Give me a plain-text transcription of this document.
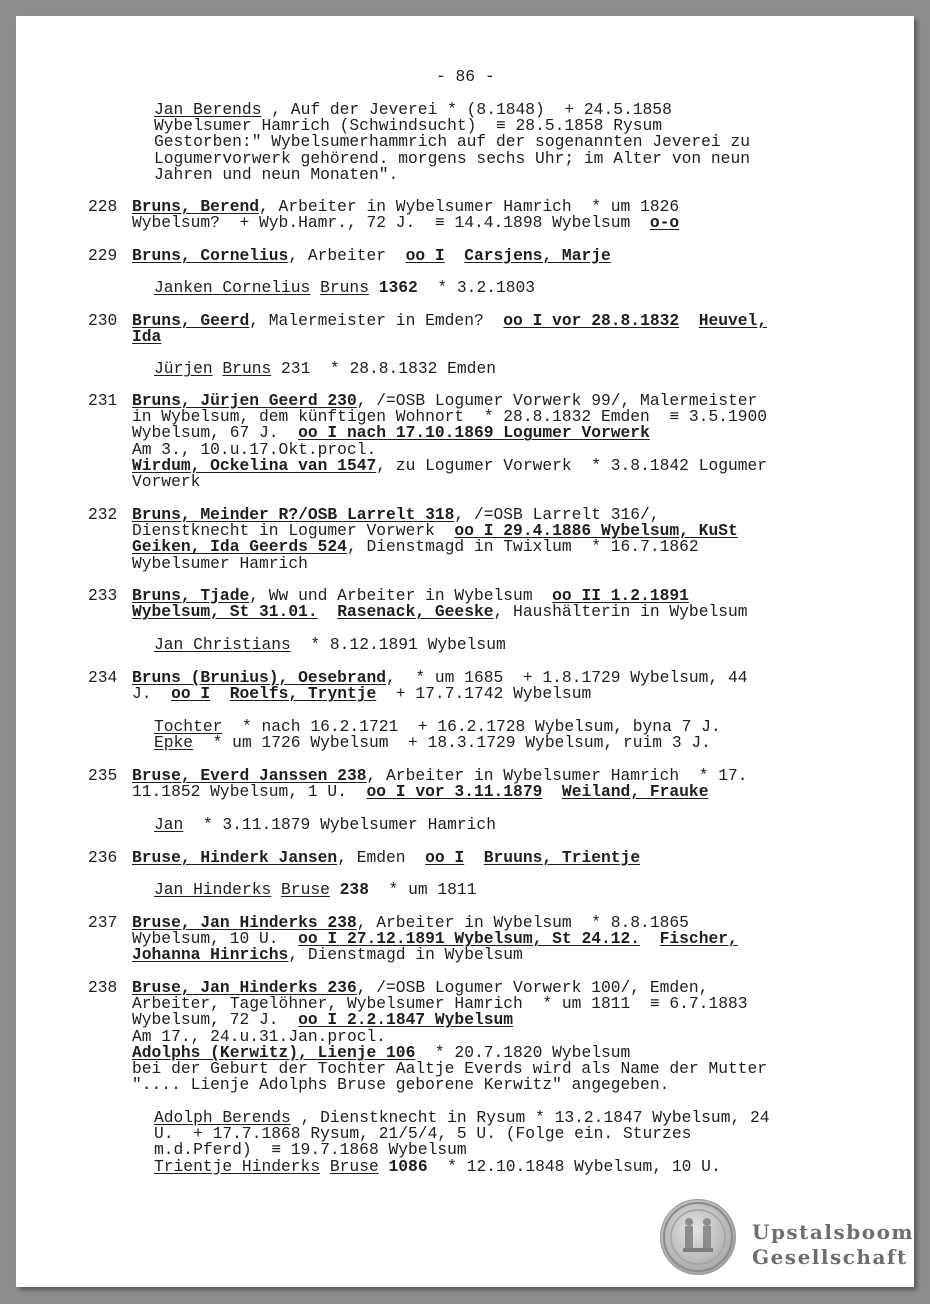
- 86 -
Jan Berends , Auf der Jeverei * (8.1848)  + 24.5.1858
Wybelsumer Hamrich (Schwindsucht)  ≡ 28.5.1858 Rysum
Gestorben:" Wybelsumerhammrich auf der sogenannten Jeverei zu
Logumervorwerk gehörend. morgens sechs Uhr; im Alter von neun
Jahren und neun Monaten".
228 Bruns, Berend, Arbeiter in Wybelsumer Hamrich  * um 1826
Wybelsum?  + Wyb.Hamr., 72 J.  ≡ 14.4.1898 Wybelsum  o-o
229 Bruns, Cornelius, Arbeiter  oo I Carsjens, Marje
Janken Cornelius Bruns 1362  * 3.2.1803
230 Bruns, Geerd, Malermeister in Emden?  oo I vor 28.8.1832 Heuvel,
Ida
Jürjen Bruns 231  * 28.8.1832 Emden
231 Bruns, Jürjen Geerd 230, /=OSB Logumer Vorwerk 99/, Malermeister
in Wybelsum, dem künftigen Wohnort  * 28.8.1832 Emden  ≡ 3.5.1900
Wybelsum, 67 J.  oo I nach 17.10.1869 Logumer Vorwerk
Am 3., 10.u.17.Okt.procl.
Wirdum, Ockelina van 1547, zu Logumer Vorwerk  * 3.8.1842 Logumer
Vorwerk
232 Bruns, Meinder R?/OSB Larrelt 318, /=OSB Larrelt 316/,
Dienstknecht in Logumer Vorwerk  oo I 29.4.1886 Wybelsum, KuSt
Geiken, Ida Geerds 524, Dienstmagd in Twixlum  * 16.7.1862
Wybelsumer Hamrich
233 Bruns, Tjade, Ww und Arbeiter in Wybelsum  oo II 1.2.1891
Wybelsum, St 31.01. Rasenack, Geeske, Haushälterin in Wybelsum
Jan Christians  * 8.12.1891 Wybelsum
234 Bruns (Brunius), Oesebrand,  * um 1685  + 1.8.1729 Wybelsum, 44
J.  oo I Roelfs, Tryntje  + 17.7.1742 Wybelsum
Tochter  * nach 16.2.1721  + 16.2.1728 Wybelsum, byna 7 J.
Epke  * um 1726 Wybelsum  + 18.3.1729 Wybelsum, ruim 3 J.
235 Bruse, Everd Janssen 238, Arbeiter in Wybelsumer Hamrich  * 17.
11.1852 Wybelsum, 1 U.  oo I vor 3.11.1879 Weiland, Frauke
Jan  * 3.11.1879 Wybelsumer Hamrich
236 Bruse, Hinderk Jansen, Emden  oo I Bruuns, Trientje
Jan Hinderks Bruse 238  * um 1811
237 Bruse, Jan Hinderks 238, Arbeiter in Wybelsum  * 8.8.1865
Wybelsum, 10 U.  oo I 27.12.1891 Wybelsum, St 24.12. Fischer,
Johanna Hinrichs, Dienstmagd in Wybelsum
238 Bruse, Jan Hinderks 236, /=OSB Logumer Vorwerk 100/, Emden,
Arbeiter, Tagelöhner, Wybelsumer Hamrich  * um 1811  ≡ 6.7.1883
Wybelsum, 72 J.  oo I 2.2.1847 Wybelsum
Am 17., 24.u.31.Jan.procl.
Adolphs (Kerwitz), Lienje 106  * 20.7.1820 Wybelsum
bei der Geburt der Tochter Aaltje Everds wird als Name der Mutter
".... Lienje Adolphs Bruse geborene Kerwitz" angegeben.
Adolph Berends , Dienstknecht in Rysum * 13.2.1847 Wybelsum, 24
U.  + 17.7.1868 Rysum, 21/5/4, 5 U. (Folge ein. Sturzes
m.d.Pferd)  ≡ 19.7.1868 Wybelsum
Trientje Hinderks Bruse 1086  * 12.10.1848 Wybelsum, 10 U.
Upstalsboom
Gesellschaft
